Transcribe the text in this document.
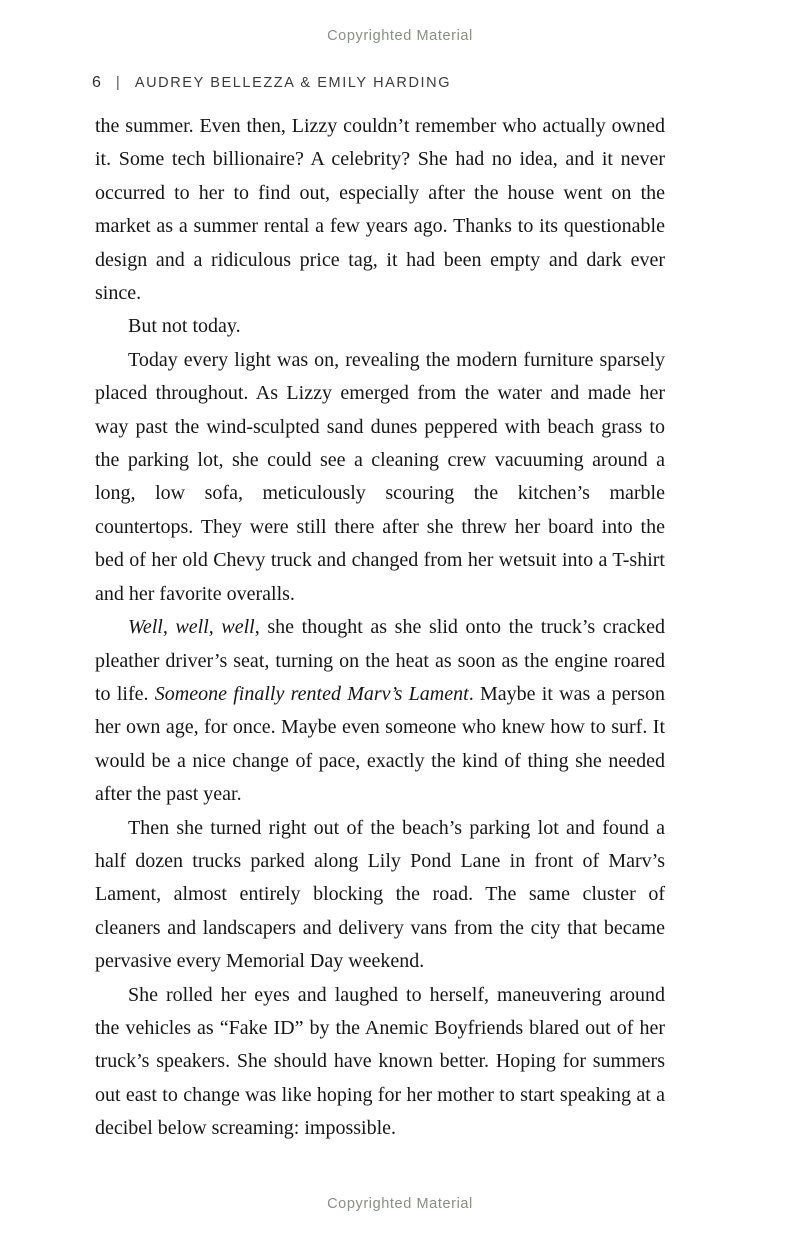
Copyrighted Material
6 | AUDREY BELLEZZA & EMILY HARDING

the summer. Even then, Lizzy couldn’t remember who actually owned it. Some tech billionaire? A celebrity? She had no idea, and it never occurred to her to find out, especially after the house went on the market as a summer rental a few years ago. Thanks to its questionable design and a ridiculous price tag, it had been empty and dark ever since.

But not today.

Today every light was on, revealing the modern furniture sparsely placed throughout. As Lizzy emerged from the water and made her way past the wind-sculpted sand dunes peppered with beach grass to the parking lot, she could see a cleaning crew vacuuming around a long, low sofa, meticulously scouring the kitchen’s marble countertops. They were still there after she threw her board into the bed of her old Chevy truck and changed from her wetsuit into a T-shirt and her favorite overalls.

Well, well, well, she thought as she slid onto the truck’s cracked pleather driver’s seat, turning on the heat as soon as the engine roared to life. Someone finally rented Marv’s Lament. Maybe it was a person her own age, for once. Maybe even someone who knew how to surf. It would be a nice change of pace, exactly the kind of thing she needed after the past year.

Then she turned right out of the beach’s parking lot and found a half dozen trucks parked along Lily Pond Lane in front of Marv’s Lament, almost entirely blocking the road. The same cluster of cleaners and landscapers and delivery vans from the city that became pervasive every Memorial Day weekend.

She rolled her eyes and laughed to herself, maneuvering around the vehicles as “Fake ID” by the Anemic Boyfriends blared out of her truck’s speakers. She should have known better. Hoping for summers out east to change was like hoping for her mother to start speaking at a decibel below screaming: impossible.

Copyrighted Material
